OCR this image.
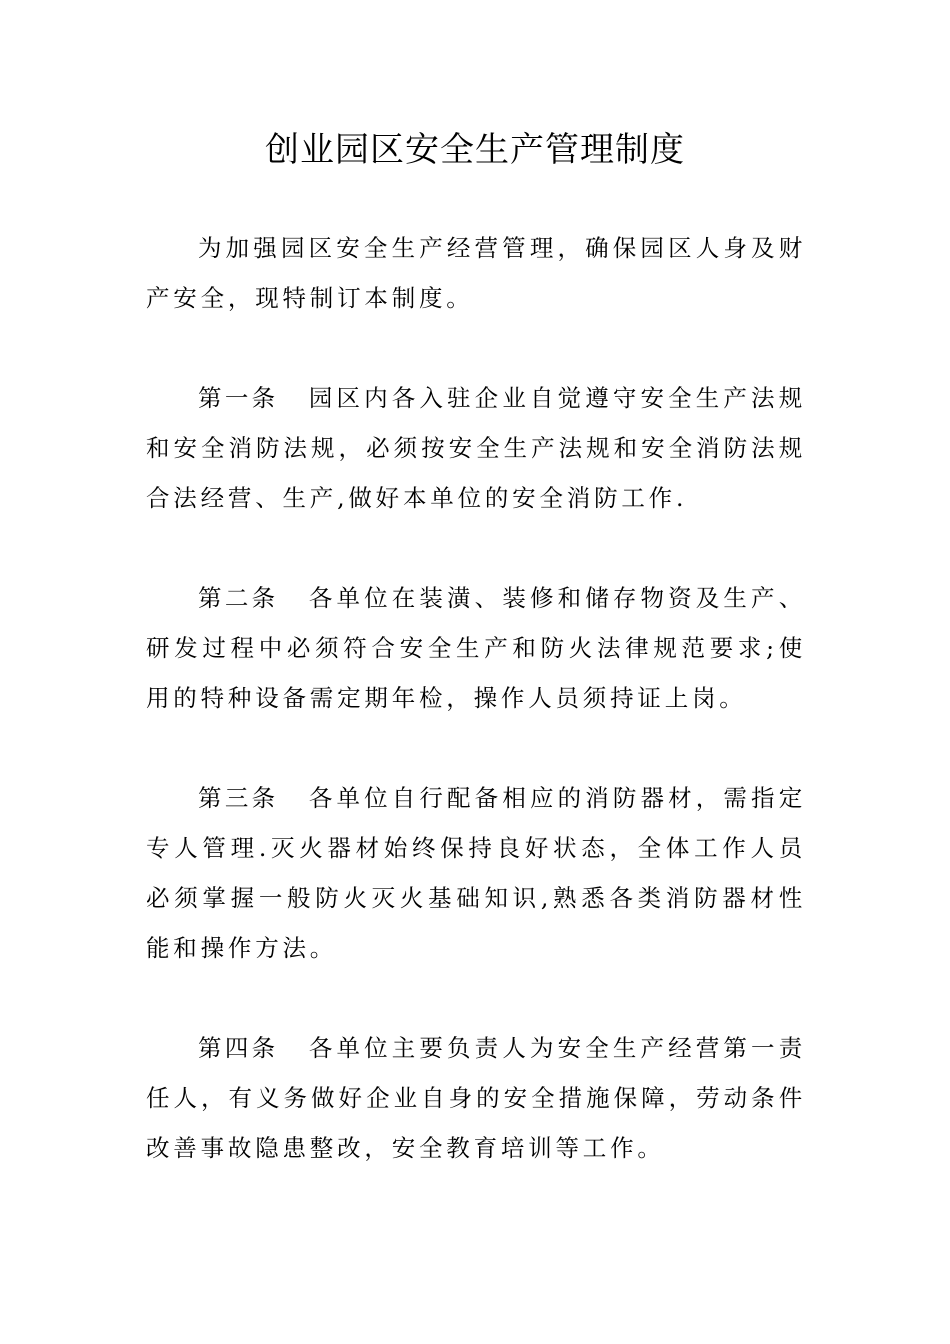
创业园区安全生产管理制度

为加强园区安全生产经营管理，确保园区人身及财产安全，现特制订本制度。

第一条 园区内各入驻企业自觉遵守安全生产法规和安全消防法规，必须按安全生产法规和安全消防法规合法经营、生产,做好本单位的安全消防工作.

第二条 各单位在装潢、装修和储存物资及生产、研发过程中必须符合安全生产和防火法律规范要求;使用的特种设备需定期年检，操作人员须持证上岗。

第三条 各单位自行配备相应的消防器材，需指定专人管理.灭火器材始终保持良好状态，全体工作人员必须掌握一般防火灭火基础知识,熟悉各类消防器材性能和操作方法。

第四条 各单位主要负责人为安全生产经营第一责任人，有义务做好企业自身的安全措施保障，劳动条件改善事故隐患整改，安全教育培训等工作。
